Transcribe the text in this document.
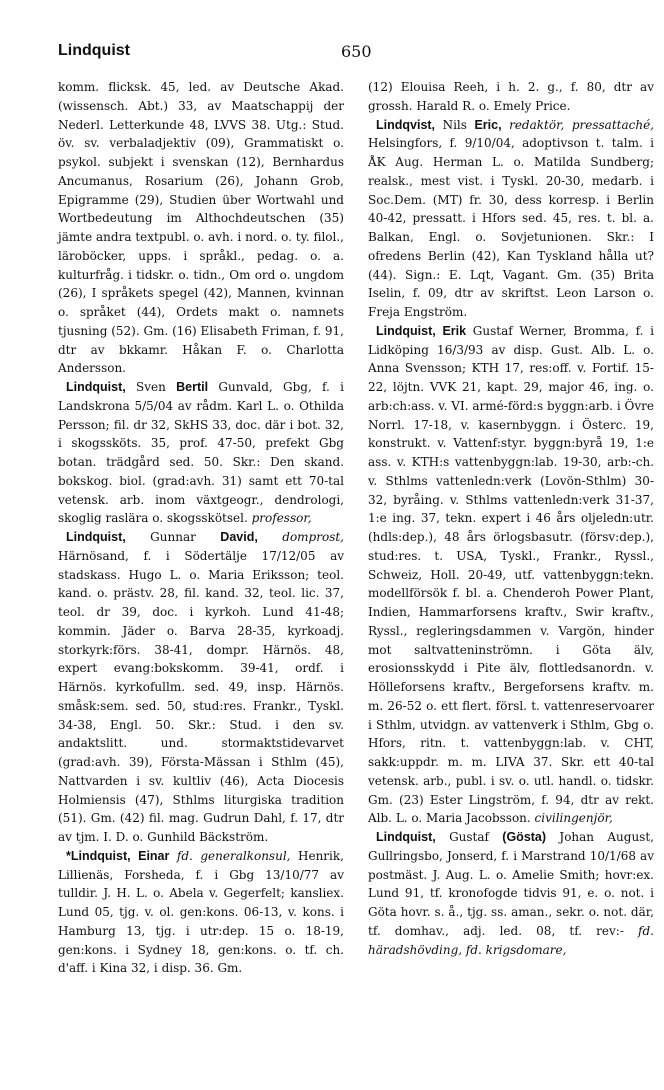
Lindquist	650

komm. flicksk. 45, led. av Deutsche Akad. (wissensch. Abt.) 33, av Maatschappij der Nederl. Letterkunde 48, LVVS 38. Utg.: Stud. öv. sv. verbaladjektiv (09), Grammatiskt o. psykol. subjekt i svenskan (12), Bernhardus Ancumanus, Rosarium (26), Johann Grob, Epigramme (29), Studien über Wortwahl und Wortbedeutung im Althochdeutschen (35) jämte andra textpubl. o. avh. i nord. o. ty. filol., läroböcker, upps. i språkl., pedag. o. a. kulturfråg. i tidskr. o. tidn., Om ord o. ungdom (26), I språkets spegel (42), Mannen, kvinnan o. språket (44), Ordets makt o. namnets tjusning (52). Gm. (16) Elisabeth Friman, f. 91, dtr av bkkamr. Håkan F. o. Charlotta Andersson.

Lindquist, Sven Bertil Gunvald, Gbg, f. i Landskrona 5/5/04 av rådm. Karl L. o. Othilda Persson; fil. dr 32, SkHS 33, doc. där i bot. 32, i skogssköts. 35, prof. 47-50, prefekt Gbg botan. trädgård sed. 50. Skr.: Den skand. bokskog. biol. (grad:avh. 31) samt ett 70-tal vetensk. arb. inom växtgeogr., dendrologi, skoglig raslära o. skogsskötsel. professor,

Lindquist, Gunnar David, domprost, Härnösand, f. i Södertälje 17/12/05 av stadskass. Hugo L. o. Maria Eriksson; teol. kand. o. prästv. 28, fil. kand. 32, teol. lic. 37, teol. dr 39, doc. i kyrkoh. Lund 41-48; kommin. Jäder o. Barva 28-35, kyrkoadj. storkyrk:förs. 38-41, dompr. Härnös. 48, expert evang:bokskomm. 39-41, ordf. i Härnös. kyrkofullm. sed. 49, insp. Härnös. småsk:sem. sed. 50, stud:res. Frankr., Tyskl. 34-38, Engl. 50. Skr.: Stud. i den sv. andaktslitt. und. stormaktstidevarvet (grad:avh. 39), Första-Mässan i Sthlm (45), Nattvarden i sv. kultliv (46), Acta Diocesis Holmiensis (47), Sthlms liturgiska tradition (51). Gm. (42) fil. mag. Gudrun Dahl, f. 17, dtr av tjm. I. D. o. Gunhild Bäckström.

*Lindquist, Einar fd. generalkonsul, Henrik, Lillienäs, Forsheda, f. i Gbg 13/10/77 av tulldir. J. H. L. o. Abela v. Gegerfelt; kansliex. Lund 05, tjg. v. ol. gen:kons. 06-13, v. kons. i Hamburg 13, tjg. i utr:dep. 15 o. 18-19, gen:kons. i Sydney 18, gen:kons. o. tf. ch. d'aff. i Kina 32, i disp. 36. Gm.

(12) Elouisa Reeh, i h. 2. g., f. 80, dtr av grossh. Harald R. o. Emely Price.

Lindqvist, Nils Eric, redaktör, pressattaché, Helsingfors, f. 9/10/04, adoptivson t. talm. i ÅK Aug. Herman L. o. Matilda Sundberg; realsk., mest vist. i Tyskl. 20-30, medarb. i Soc.Dem. (MT) fr. 30, dess korresp. i Berlin 40-42, pressatt. i Hfors sed. 45, res. t. bl. a. Balkan, Engl. o. Sovjetunionen. Skr.: I ofredens Berlin (42), Kan Tyskland hålla ut? (44). Sign.: E. Lqt, Vagant. Gm. (35) Brita Iselin, f. 09, dtr av skriftst. Leon Larson o. Freja Engström.

Lindquist, Erik Gustaf Werner, Bromma, f. i Lidköping 16/3/93 av disp. Gust. Alb. L. o. Anna Svensson; KTH 17, res:off. v. Fortif. 15-22, löjtn. VVK 21, kapt. 29, major 46, ing. o. arb:ch:ass. v. VI. armé-förd:s byggn:arb. i Övre Norrl. 17-18, v. kasernbyggn. i Österс. 19, konstrukt. v. Vattenf:styr. byggn:byrå 19, 1:e ass. v. KTH:s vattenbyggn:lab. 19-30, arb:-ch. v. Sthlms vattenledn:verk (Lovön-Sthlm) 30-32, byråing. v. Sthlms vattenledn:verk 31-37, 1:e ing. 37, tekn. expert i 46 års oljeledn:utr. (hdls:dep.), 48 års örlogsbasutr. (försv:dep.), stud:res. t. USA, Tyskl., Frankr., Ryssl., Schweiz, Holl. 20-49, utf. vattenbyggn:tekn. modellförsök f. bl. a. Chenderoh Power Plant, Indien, Hammarforsens kraftv., Swir kraftv., Ryssl., regleringsdammen v. Vargön, hinder mot saltvatteninströmn. i Göta älv, erosionsskydd i Pite älv, flottledsanordn. v. Hölleforsens kraftv., Bergeforsens kraftv. m. m. 26-52 o. ett flert. försl. t. vattenreservoarer i Sthlm, utvidgn. av vattenverk i Sthlm, Gbg o. Hfors, ritn. t. vattenbyggn:lab. v. CHT, sakk:uppdr. m. m. LIVA 37. Skr. ett 40-tal vetensk. arb., publ. i sv. o. utl. handl. o. tidskr. Gm. (23) Ester Lingström, f. 94, dtr av rekt. Alb. L. o. Maria Jacobsson. civilingenjör,

Lindquist, Gustaf (Gösta) Johan August, Gullringsbo, Jonserd, f. i Marstrand 10/1/68 av postmäst. J. Aug. L. o. Amelie Smith; hovr:ex. Lund 91, tf. kronofogde tidvis 91, e. o. not. i Göta hovr. s. å., tjg. ss. aman., sekr. o. not. där, tf. domhav., adj. led. 08, tf. rev:- fd. häradshövding, fd. krigsdomare,
